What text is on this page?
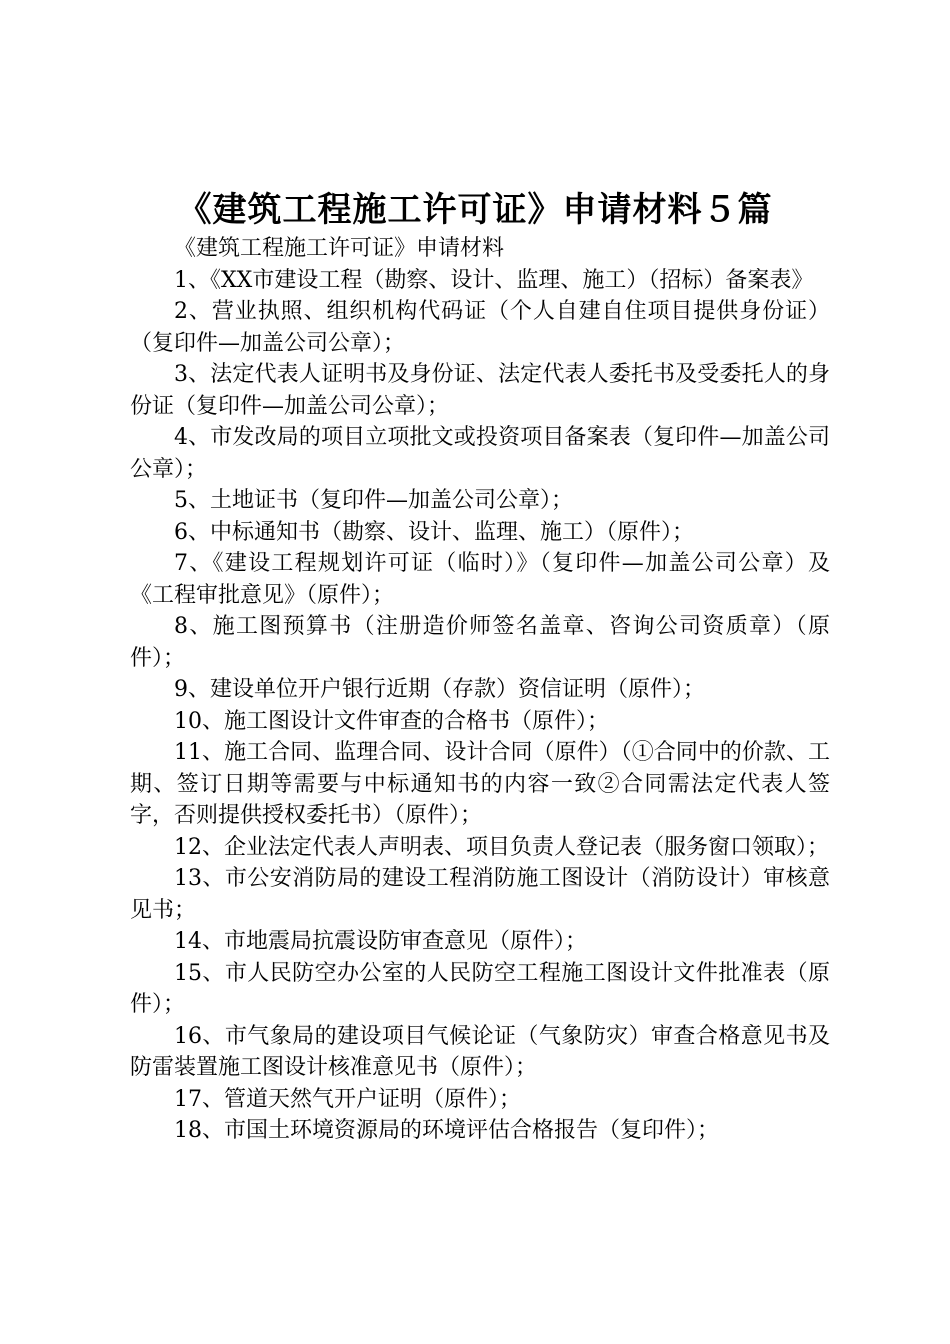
《建筑工程施工许可证》申请材料５篇

《建筑工程施工许可证》申请材料

1、《XX市建设工程（勘察、设计、监理、施工）（招标）备案表》

2、营业执照、组织机构代码证（个人自建自住项目提供身份证）（复印件—加盖公司公章）；

3、法定代表人证明书及身份证、法定代表人委托书及受委托人的身份证（复印件—加盖公司公章）；

4、市发改局的项目立项批文或投资项目备案表（复印件—加盖公司公章）；

5、土地证书（复印件—加盖公司公章）；

6、中标通知书（勘察、设计、监理、施工）（原件）；

7、《建设工程规划许可证（临时）》（复印件—加盖公司公章）及《工程审批意见》（原件）；

8、施工图预算书（注册造价师签名盖章、咨询公司资质章）（原件）；

9、建设单位开户银行近期（存款）资信证明（原件）；

10、施工图设计文件审查的合格书（原件）；

11、施工合同、监理合同、设计合同（原件）（①合同中的价款、工期、签订日期等需要与中标通知书的内容一致②合同需法定代表人签字，否则提供授权委托书）（原件）；

12、企业法定代表人声明表、项目负责人登记表（服务窗口领取）；

13、市公安消防局的建设工程消防施工图设计（消防设计）审核意见书；

14、市地震局抗震设防审查意见（原件）；

15、市人民防空办公室的人民防空工程施工图设计文件批准表（原件）；

16、市气象局的建设项目气候论证（气象防灾）审查合格意见书及防雷装置施工图设计核准意见书（原件）；

17、管道天然气开户证明（原件）；

18、市国土环境资源局的环境评估合格报告（复印件）；
